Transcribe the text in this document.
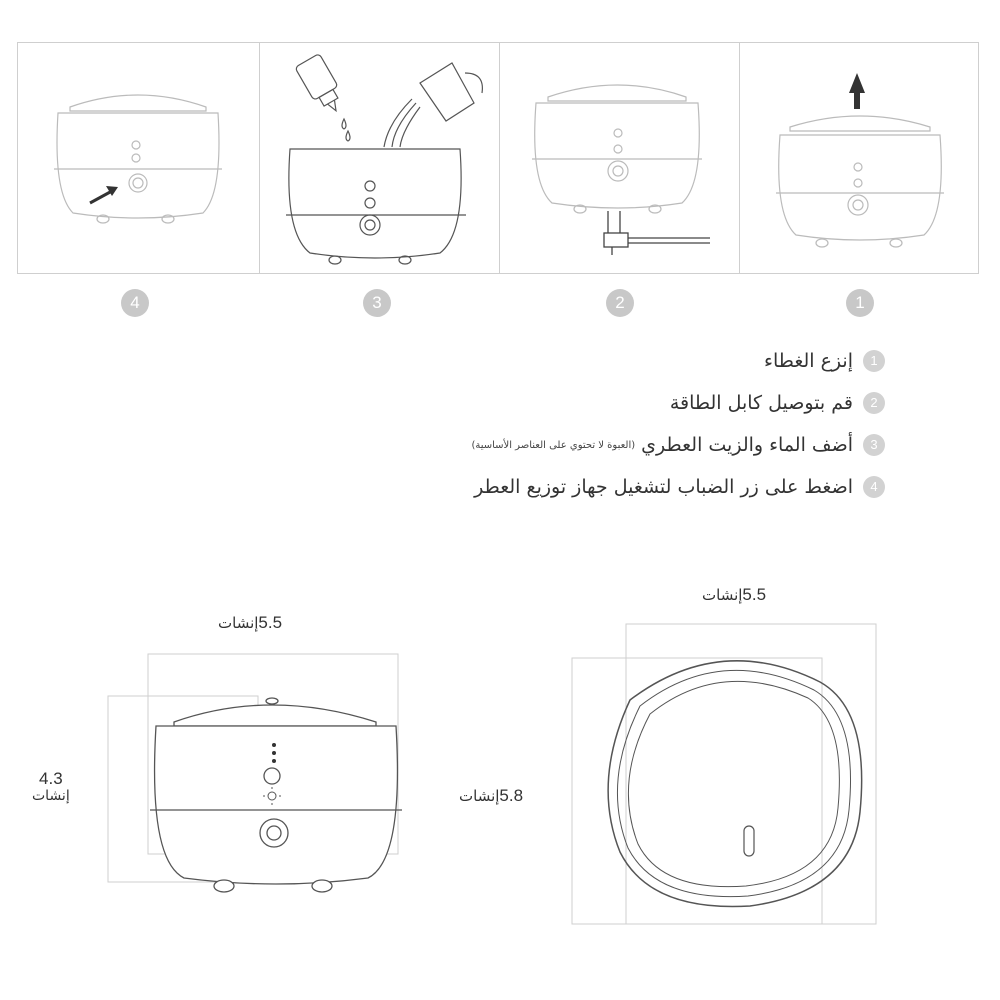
4	3	2	1
1
إنزع الغطاء
2
قم بتوصيل كابل الطاقة
3
أضف الماء والزيت العطري
(العبوة لا تحتوي على العناصر الأساسية)
4
اضغط على زر الضباب لتشغيل جهاز توزيع العطر
5.5إنشات
4.3
إنشات
5.5إنشات
5.8إنشات
